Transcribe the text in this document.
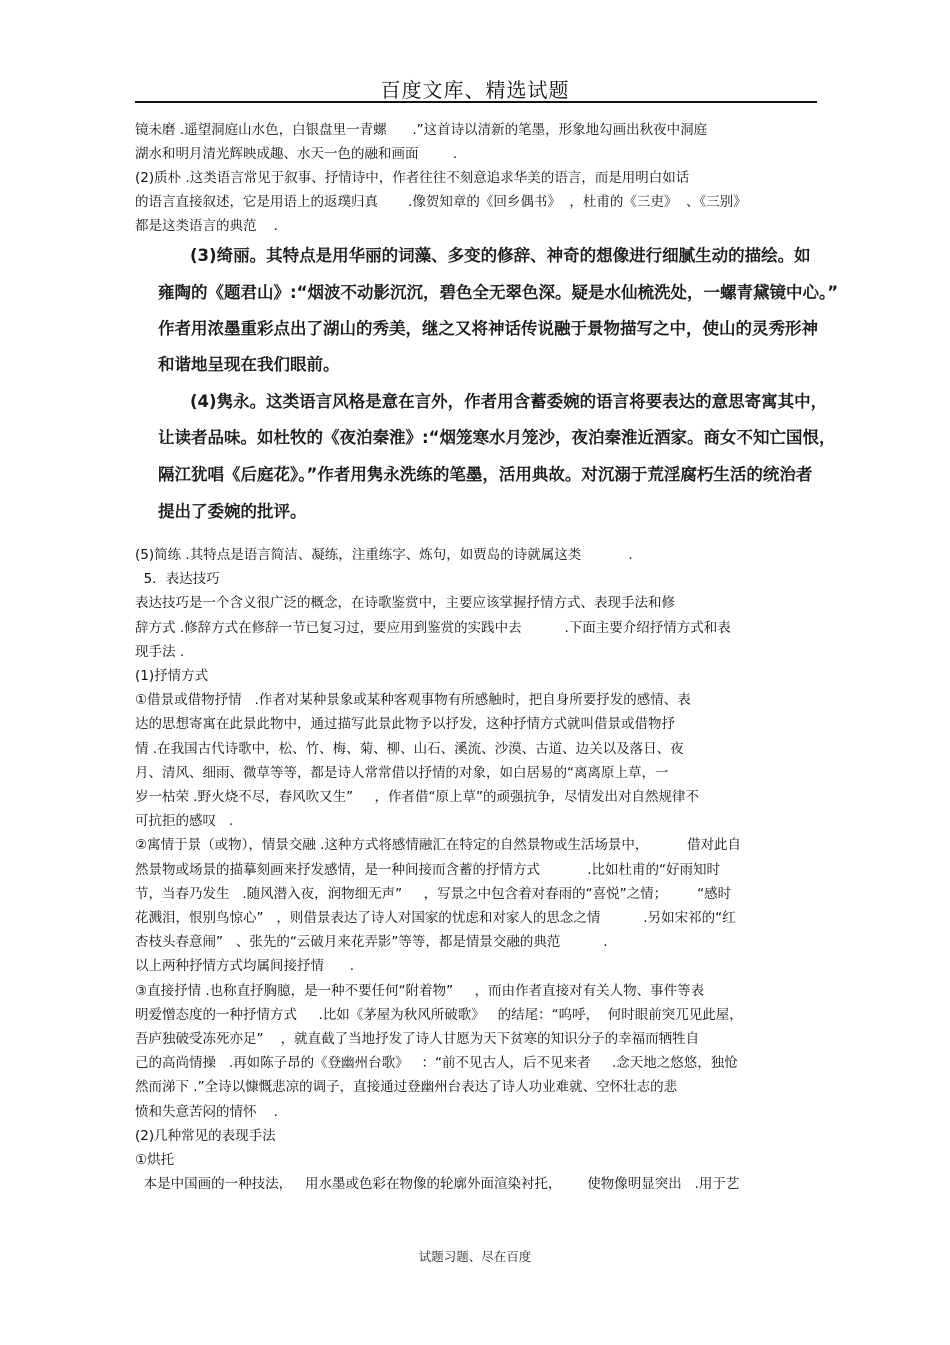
百度文库、精选试题
镜未磨 .遥望洞庭山水色，白银盘里一青螺      .”这首诗以清新的笔墨，形象地勾画出秋夜中洞庭
湖水和明月清光辉映成趣、水天一色的融和画面        .
(2)质朴 .这类语言常见于叙事、抒情诗中，作者往往不刻意追求华美的语言，而是用明白如话
的语言直接叙述，它是用语上的返璞归真       .像贺知章的《回乡偶书》  ，杜甫的《三吏》  、《三别》
都是这类语言的典范    .
(3)绮丽。其特点是用华丽的词藻、多变的修辞、神奇的想像进行细腻生动的描绘。如
雍陶的《题君山》:“烟波不动影沉沉，碧色全无翠色深。疑是水仙梳洗处，一螺青黛镜中心。”
作者用浓墨重彩点出了湖山的秀美，继之又将神话传说融于景物描写之中，使山的灵秀形神
和谐地呈现在我们眼前。
(4)隽永。这类语言风格是意在言外，作者用含蓄委婉的语言将要表达的意思寄寓其中，
让读者品味。如杜牧的《夜泊秦淮》:“烟笼寒水月笼沙，夜泊秦淮近酒家。商女不知亡国恨，
隔江犹唱《后庭花》。”作者用隽永洗练的笔墨，活用典故。对沉溺于荒淫腐朽生活的统治者
提出了委婉的批评。
(5)简练 .其特点是语言简洁、凝练，注重练字、炼句，如贾岛的诗就属这类           .
5．表达技巧
表达技巧是一个含义很广泛的概念，在诗歌鉴赏中，主要应该掌握抒情方式、表现手法和修
辞方式 .修辞方式在修辞一节已复习过，要应用到鉴赏的实践中去          .下面主要介绍抒情方式和表
现手法 .
(1)抒情方式
①借景或借物抒情   .作者对某种景象或某种客观事物有所感触时，把自身所要抒发的感情、表
达的思想寄寓在此景此物中，通过描写此景此物予以抒发，这种抒情方式就叫借景或借物抒
情 .在我国古代诗歌中，松、竹、梅、菊、柳、山石、溪流、沙漠、古道、边关以及落日、夜
月、清风、细雨、微草等等，都是诗人常常借以抒情的对象，如白居易的“离离原上草，一
岁一枯荣 .野火烧不尽，春风吹又生”     ，作者借“原上草”的顽强抗争，尽情发出对自然规律不
可抗拒的感叹   .
②寓情于景（或物），情景交融 .这种方式将感情融汇在特定的自然景物或生活场景中，         借对此自
然景物或场景的描摹刻画来抒发感情，是一种间接而含蓄的抒情方式           .比如杜甫的“好雨知时
节，当春乃发生   .随风潜入夜，润物细无声”     ，写景之中包含着对春雨的“喜悦”之情；       “感时
花溅泪，恨别鸟惊心”   ，则借景表达了诗人对国家的忧虑和对家人的思念之情          .另如宋祁的“红
杏枝头春意闹”   、张先的“云破月来花弄影”等等，都是情景交融的典范          .
以上两种抒情方式均属间接抒情      .
③直接抒情 .也称直抒胸臆，是一种不要任何“附着物”     ，而由作者直接对有关人物、事件等表
明爱憎态度的一种抒情方式     .比如《茅屋为秋风所破歌》   的结尾：“呜呼，  何时眼前突兀见此屋，
吾庐独破受冻死亦足”    ，就直截了当地抒发了诗人甘愿为天下贫寒的知识分子的幸福而牺牲自
己的高尚情操   .再如陈子昂的《登幽州台歌》   ：“前不见古人，后不见来者     .念天地之悠悠，独怆
然而涕下 .”全诗以慷慨悲凉的调子，直接通过登幽州台表达了诗人功业难就、空怀壮志的悲
愤和失意苦闷的情怀    .
(2)几种常见的表现手法
①烘托
本是中国画的一种技法，   用水墨或色彩在物像的轮廓外面渲染衬托，      使物像明显突出   .用于艺
试题习题、尽在百度
